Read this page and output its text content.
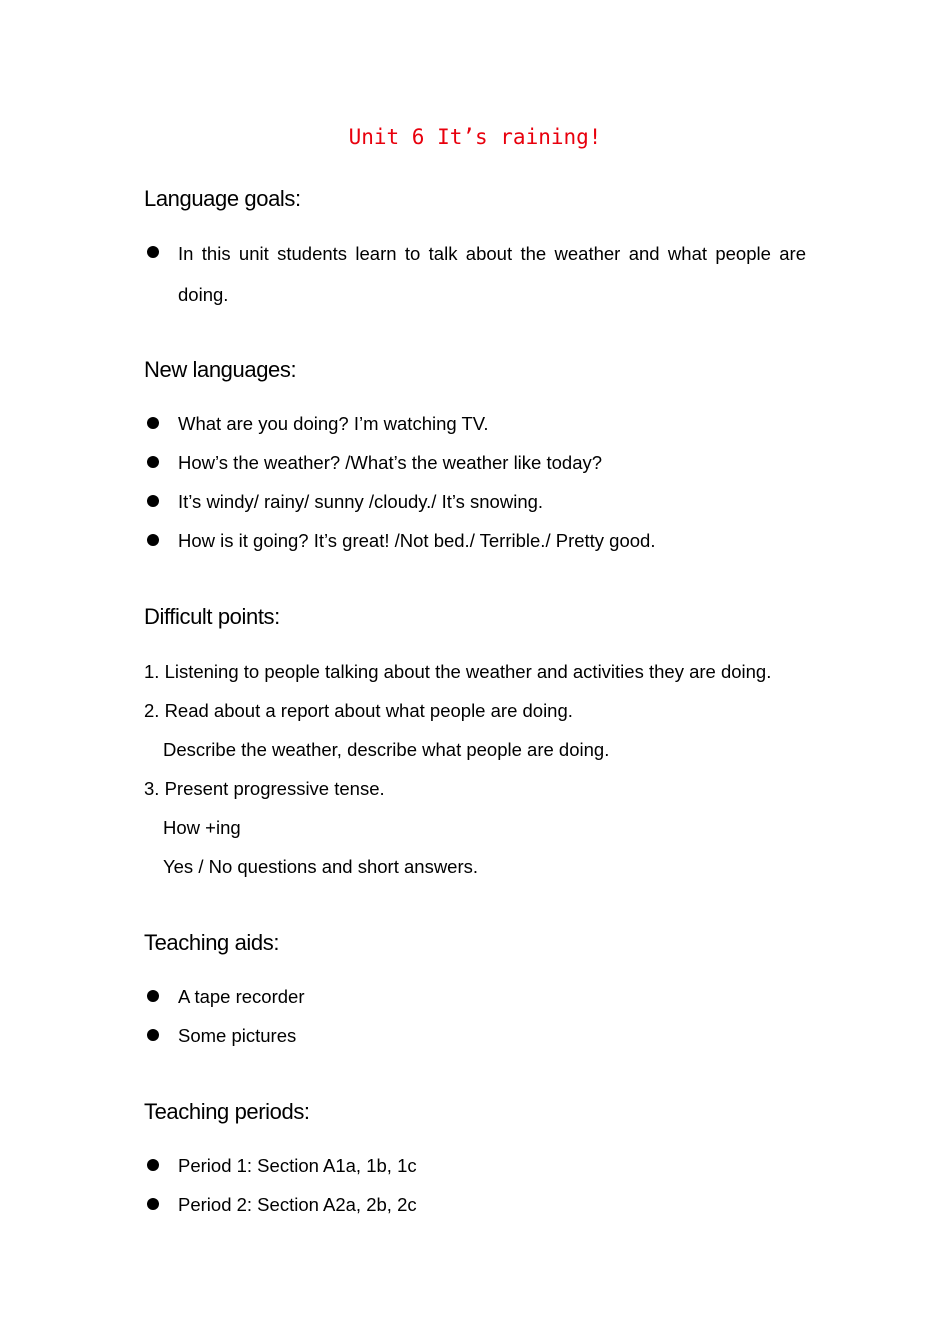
Unit 6 It’s raining!
Language goals:
In this unit students learn to talk about the weather and what people are doing.
New languages:
What are you doing? I’m watching TV.
How’s the weather? /What’s the weather like today?
It’s windy/ rainy/ sunny /cloudy./ It’s snowing.
How is it going? It’s great! /Not bed./ Terrible./ Pretty good.
Difficult points:
1. Listening to people talking about the weather and activities they are doing.
2. Read about a report about what people are doing.
Describe the weather, describe what people are doing.
3. Present progressive tense.
How +ing
Yes / No questions and short answers.
Teaching aids:
A tape recorder
Some pictures
Teaching periods:
Period 1: Section A1a, 1b, 1c
Period 2: Section A2a, 2b, 2c
